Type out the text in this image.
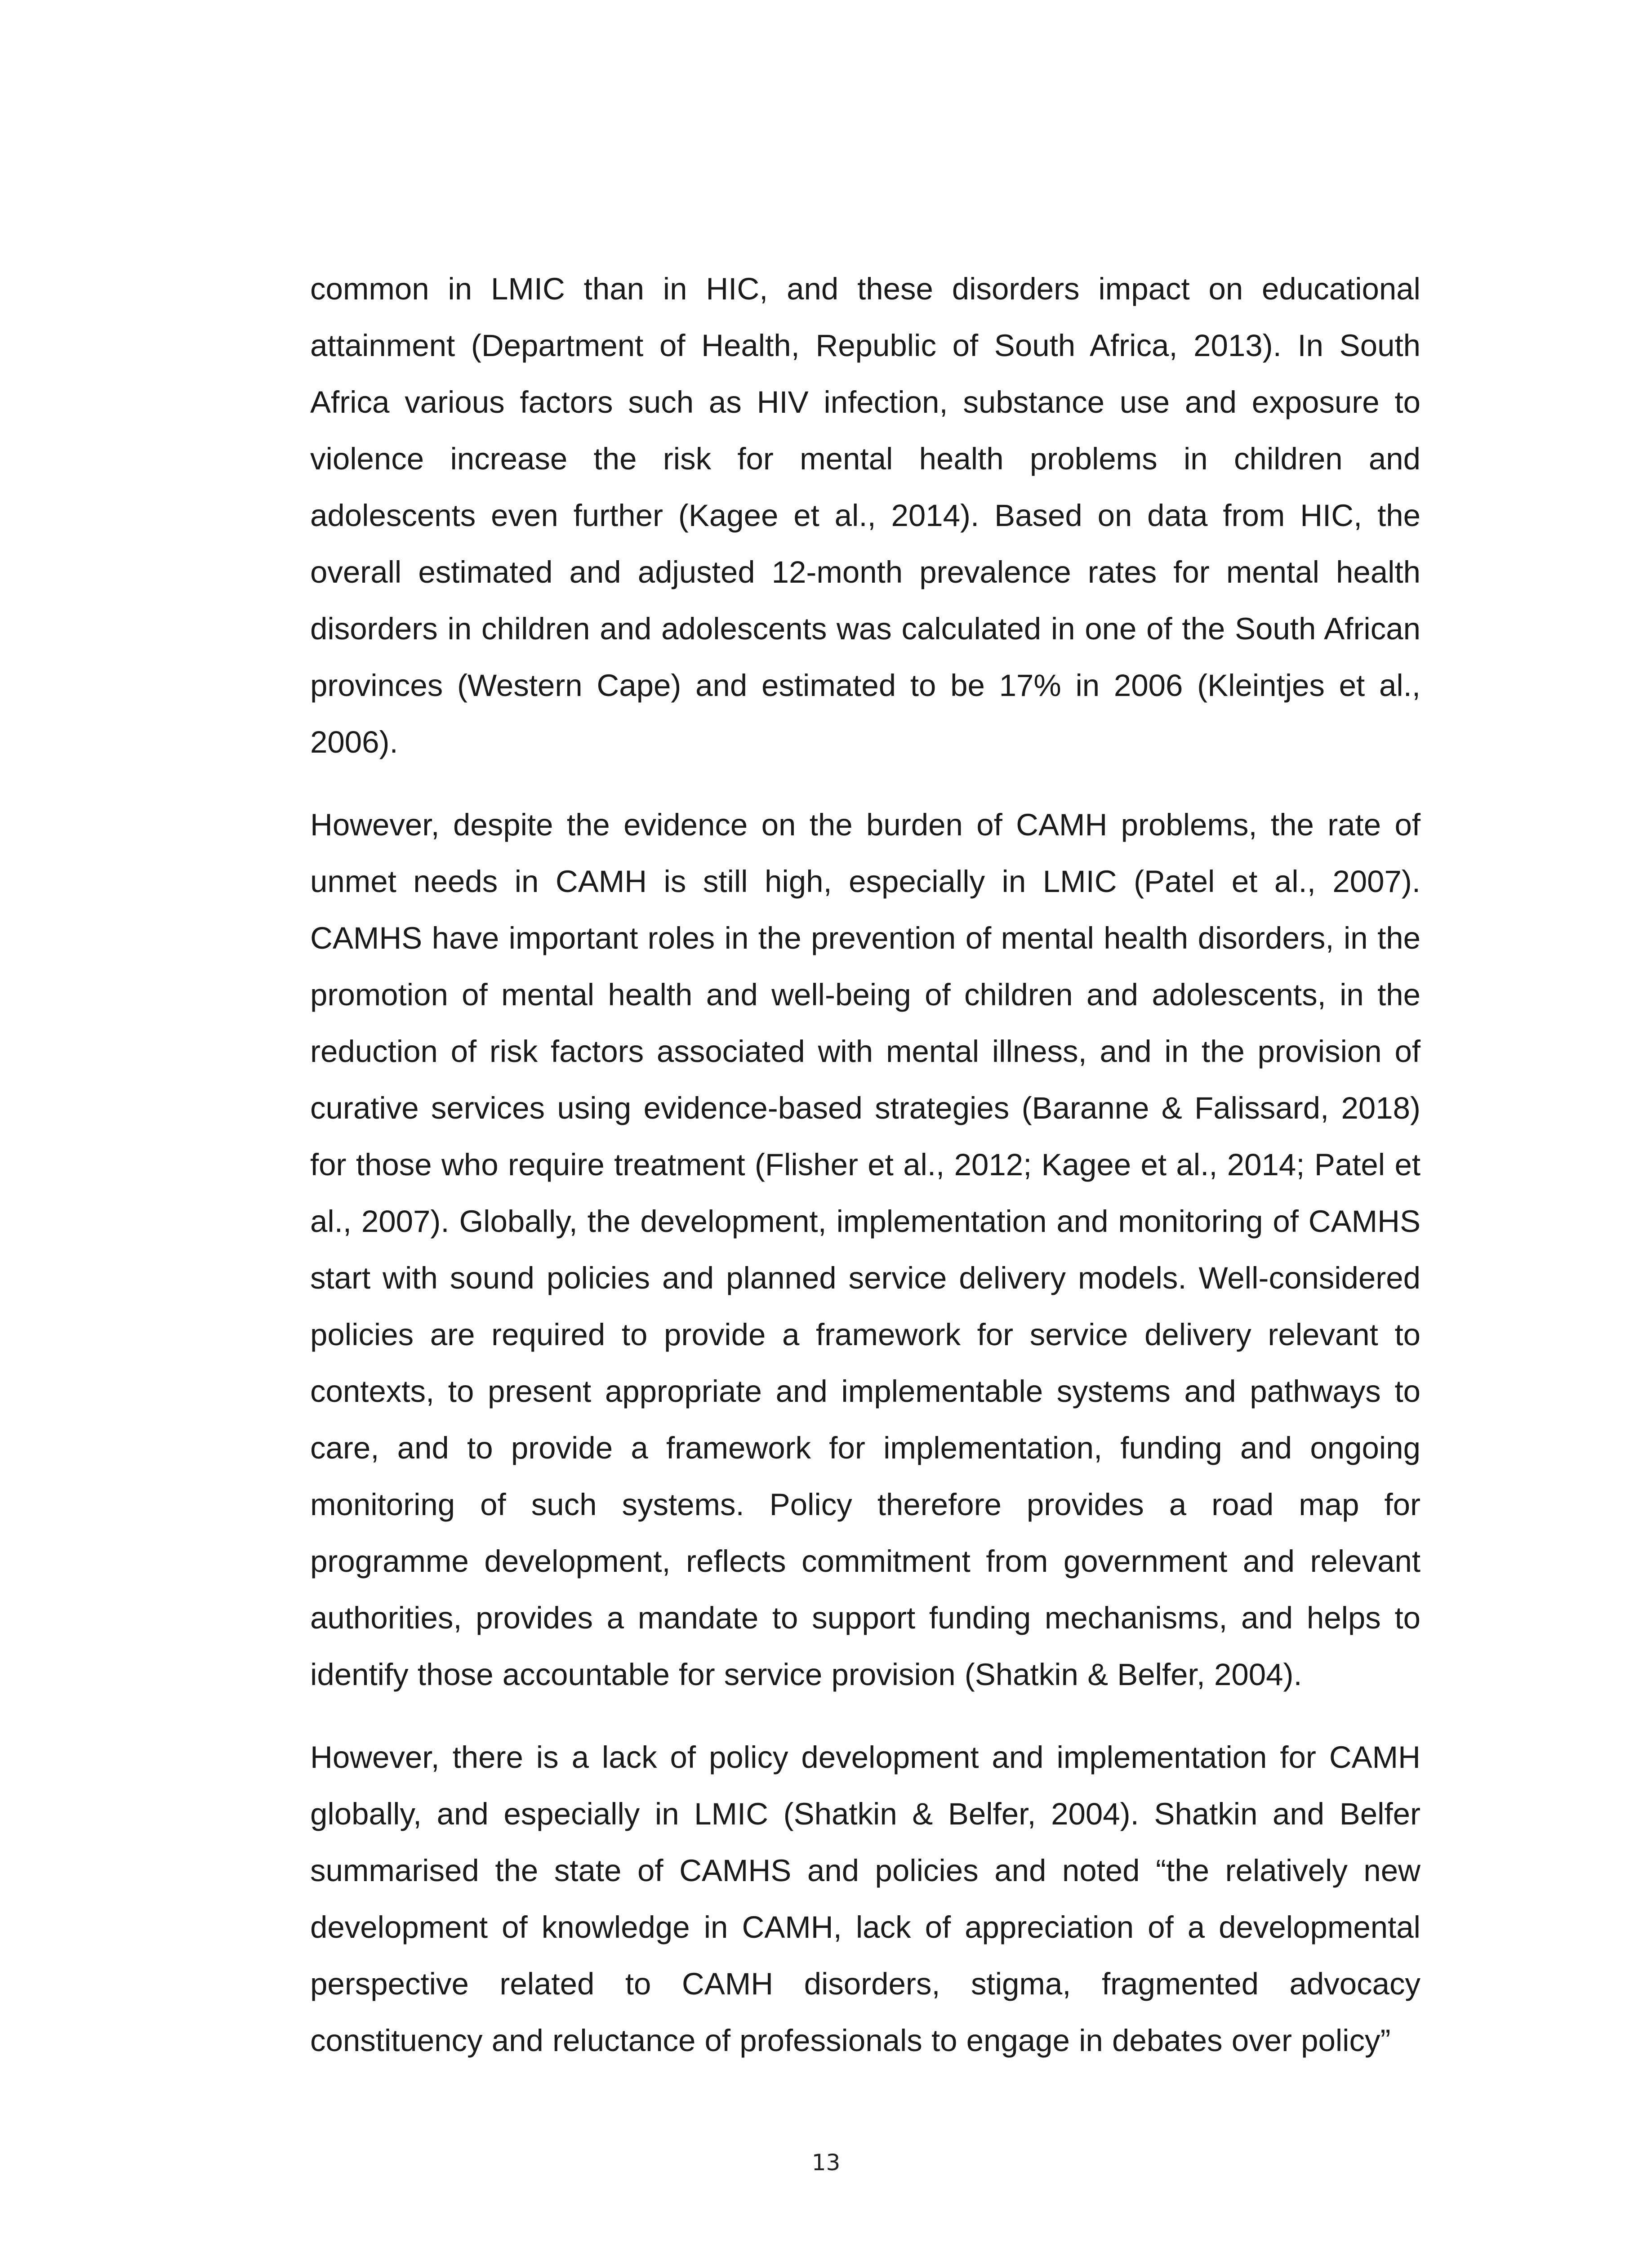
common in LMIC than in HIC, and these disorders impact on educational attainment (Department of Health, Republic of South Africa, 2013). In South Africa various factors such as HIV infection, substance use and exposure to violence increase the risk for mental health problems in children and adolescents even further (Kagee et al., 2014). Based on data from HIC, the overall estimated and adjusted 12-month prevalence rates for mental health disorders in children and adolescents was calculated in one of the South African provinces (Western Cape) and estimated to be 17% in 2006 (Kleintjes et al., 2006).

However, despite the evidence on the burden of CAMH problems, the rate of unmet needs in CAMH is still high, especially in LMIC (Patel et al., 2007). CAMHS have important roles in the prevention of mental health disorders, in the promotion of mental health and well-being of children and adolescents, in the reduction of risk factors associated with mental illness, and in the provision of curative services using evidence-based strategies (Baranne & Falissard, 2018) for those who require treatment (Flisher et al., 2012; Kagee et al., 2014; Patel et al., 2007). Globally, the development, implementation and monitoring of CAMHS start with sound policies and planned service delivery models. Well-considered policies are required to provide a framework for service delivery relevant to contexts, to present appropriate and implementable systems and pathways to care, and to provide a framework for implementation, funding and ongoing monitoring of such systems. Policy therefore provides a road map for programme development, reflects commitment from government and relevant authorities, provides a mandate to support funding mechanisms, and helps to identify those accountable for service provision (Shatkin & Belfer, 2004).

However, there is a lack of policy development and implementation for CAMH globally, and especially in LMIC (Shatkin & Belfer, 2004). Shatkin and Belfer summarised the state of CAMHS and policies and noted “the relatively new development of knowledge in CAMH, lack of appreciation of a developmental perspective related to CAMH disorders, stigma, fragmented advocacy constituency and reluctance of professionals to engage in debates over policy”

13
